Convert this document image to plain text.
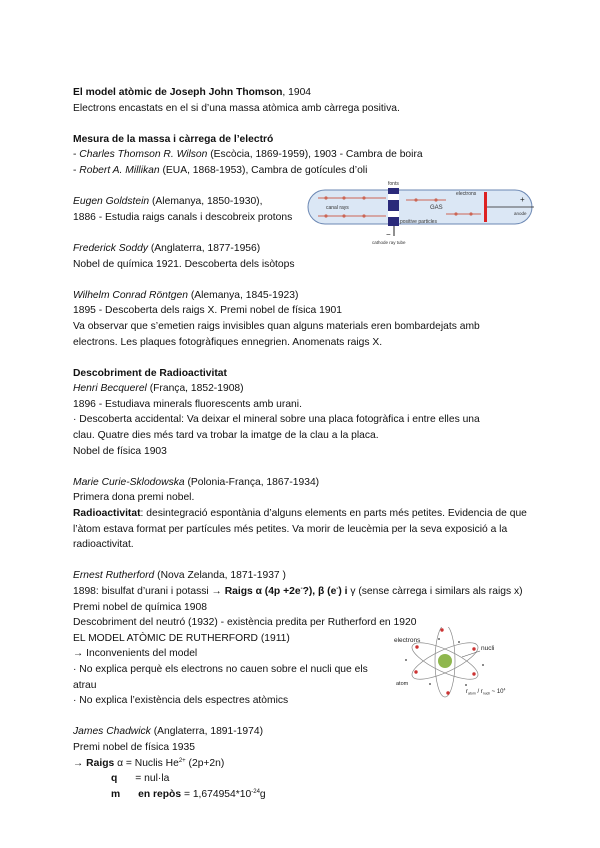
El model atòmic de Joseph John Thomson, 1904
Electrons encastats en el si d’una massa atòmica amb càrrega positiva.
Mesura de la massa i càrrega de l’electró
- Charles Thomson R. Wilson (Escòcia, 1869-1959), 1903 - Cambra de boira
- Robert A. Millikan (EUA, 1868-1953), Cambra de gotícules d’oli
Eugen Goldstein (Alemanya, 1850-1930),
1886 - Estudia raigs canals i descobreix protons
Frederick Soddy (Anglaterra, 1877-1956)
Nobel de química 1921. Descoberta dels isòtops
Wilhelm Conrad Röntgen (Alemanya, 1845-1923)
1895 - Descoberta dels raigs X. Premi nobel de física 1901
Va observar que s’emetien raigs invisibles quan alguns materials eren bombardejats amb
electrons. Les plaques fotogràfiques ennegrien. Anomenats raigs X.
Descobriment de Radioactivitat
Henri Becquerel (França, 1852-1908)
1896 - Estudiava minerals fluorescents amb urani.
· Descoberta accidental: Va deixar el mineral sobre una placa fotogràfica i entre elles una
clau. Quatre dies més tard va trobar la imatge de la clau a la placa.
Nobel de física 1903
Marie Curie-Sklodowska (Polonia-França, 1867-1934)
Primera dona premi nobel.
Radioactivitat: desintegració espontània d’alguns elements en parts més petites. Evidencia de que l’àtom estava format per partícules més petites. Va morir de leucèmia per la seva exposició a la radioactivitat.
Ernest Rutherford (Nova Zelanda, 1871-1937 )
1898: bisulfat d’urani i potassi → Raigs α (4p +2e-?), β (e-) i γ (sense càrrega i similars als raigs x)
Premi nobel de química 1908
Descobriment del neutró (1932) - existència predita per Rutherford en 1920
EL MODEL ATÒMIC DE RUTHERFORD (1911)
→ Inconvenients del model
· No explica perquè els electrons no cauen sobre el nucli que els atrau
· No explica l’existència dels espectres atòmics
James Chadwick (Anglaterra, 1891-1974)
Premi nobel de física 1935
→ Raigs α = Nuclis $He^{2+}$ (2p+2n)
q = nul·la
m en repòs = $1,674954*10^{-24}g$
fonts
canal rays
positive particles
GAS
electrons
+
anode
−
cathode ray tube
electrons
nucli
atom
$r_{atom} / r_{nucli}$ ~ $10^4$
